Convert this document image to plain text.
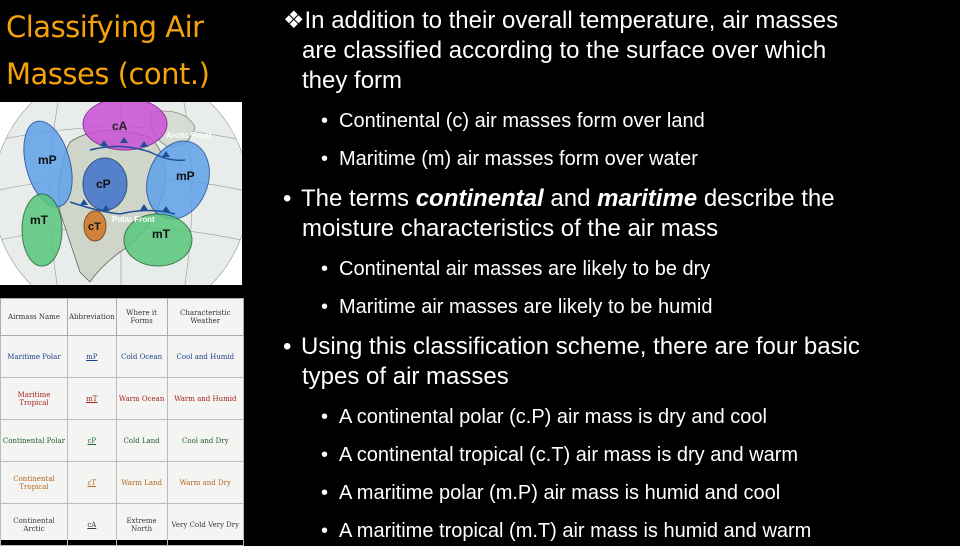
Classifying Air
Masses (cont.)
cA
Arctic Front
mP
mP
cP
mT	cT
Polar Front
mT
Airmass Name	Abbreviation	Where it Forms	Characteristic Weather
Maritime Polar	mP	Cold Ocean	Cool and Humid
Maritime Tropical	mT	Warm Ocean	Warm and Humid
Continental Polar	cP	Cold Land	Cool and Dry
Continental Tropical	cT	Warm Land	Warm and Dry
Continental Arctic	cA	Extreme North	Very Cold Very Dry
❖In addition to their overall temperature, air masses
are classified according to the surface over which
they form
• Continental (c) air masses form over land
• Maritime (m) air masses form over water
• The terms continental and maritime describe the
moisture characteristics of the air mass
• Continental air masses are likely to be dry
• Maritime air masses are likely to be humid
• Using this classification scheme, there are four basic
types of air masses
• A continental polar (c.P) air mass is dry and cool
• A continental tropical (c.T) air mass is dry and warm
• A maritime polar (m.P) air mass is humid and cool
• A maritime tropical (m.T) air mass is humid and warm
